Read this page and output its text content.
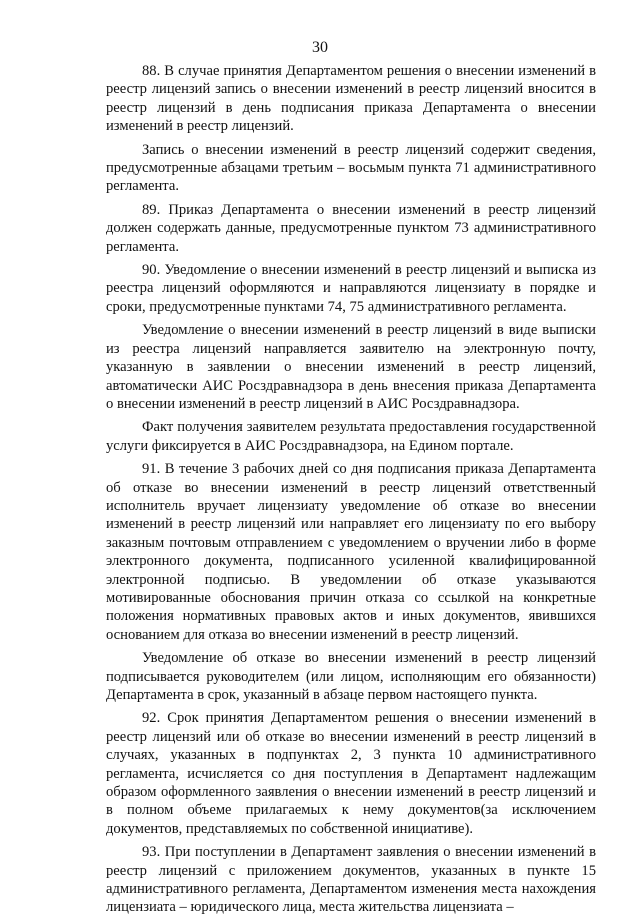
30

88. В случае принятия Департаментом решения о внесении изменений в реестр лицензий запись о внесении изменений в реестр лицензий вносится в реестр лицензий в день подписания приказа Департамента о внесении изменений в реестр лицензий.

Запись о внесении изменений в реестр лицензий содержит сведения, предусмотренные абзацами третьим – восьмым пункта 71 административного регламента.

89. Приказ Департамента о внесении изменений в реестр лицензий должен содержать данные, предусмотренные пунктом 73 административного регламента.

90. Уведомление о внесении изменений в реестр лицензий и выписка из реестра лицензий оформляются и направляются лицензиату в порядке и сроки, предусмотренные пунктами 74, 75 административного регламента.

Уведомление о внесении изменений в реестр лицензий в виде выписки из реестра лицензий направляется заявителю на электронную почту, указанную в заявлении о внесении изменений в реестр лицензий, автоматически АИС Росздравнадзора в день внесения приказа Департамента о внесении изменений в реестр лицензий в АИС Росздравнадзора.

Факт получения заявителем результата предоставления государственной услуги фиксируется в АИС Росздравнадзора, на Едином портале.

91. В течение 3 рабочих дней со дня подписания приказа Департамента об отказе во внесении изменений в реестр лицензий ответственный исполнитель вручает лицензиату уведомление об отказе во внесении изменений в реестр лицензий или направляет его лицензиату по его выбору заказным почтовым отправлением с уведомлением о вручении либо в форме электронного документа, подписанного усиленной квалифицированной электронной подписью. В уведомлении об отказе указываются мотивированные обоснования причин отказа со ссылкой на конкретные положения нормативных правовых актов и иных документов, явившихся основанием для отказа во внесении изменений в реестр лицензий.

Уведомление об отказе во внесении изменений в реестр лицензий подписывается руководителем (или лицом, исполняющим его обязанности) Департамента в срок, указанный в абзаце первом настоящего пункта.

92. Срок принятия Департаментом решения о внесении изменений в реестр лицензий или об отказе во внесении изменений в реестр лицензий в случаях, указанных в подпунктах 2, 3 пункта 10 административного регламента, исчисляется со дня поступления в Департамент надлежащим образом оформленного заявления о внесении изменений в реестр лицензий и в полном объеме прилагаемых к нему документов(за исключением документов, представляемых по собственной инициативе).

93. При поступлении в Департамент заявления о внесении изменений в реестр лицензий с приложением документов, указанных в пункте 15 административного регламента, Департаментом изменения места нахождения лицензиата – юридического лица, места жительства лицензиата –
